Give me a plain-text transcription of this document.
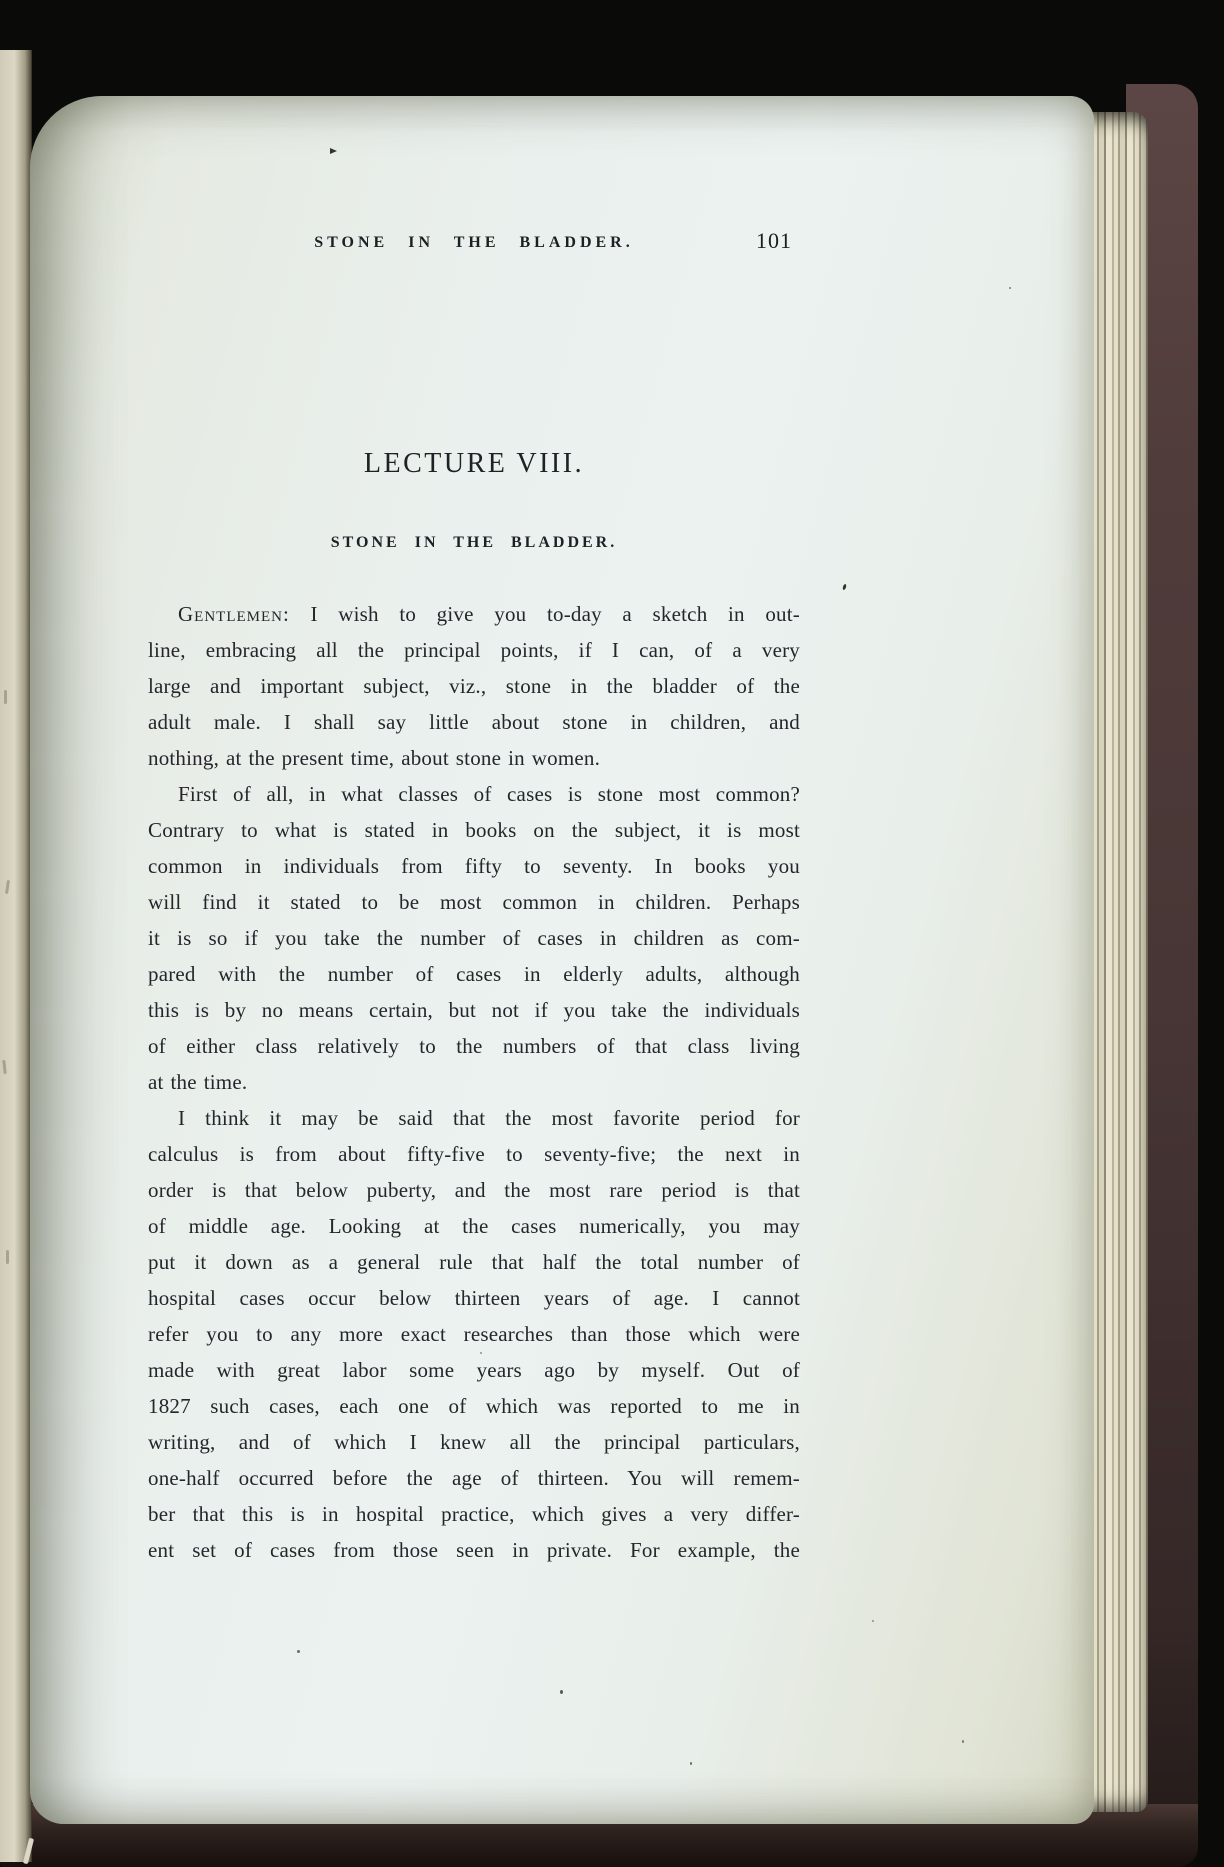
STONE IN THE BLADDER.	101
LECTURE VIII.
STONE IN THE BLADDER.
Gentlemen: I wish to give you to-day a sketch in out-
line, embracing all the principal points, if I can, of a very
large and important subject, viz., stone in the bladder of the
adult male. I shall say little about stone in children, and
nothing, at the present time, about stone in women.
First of all, in what classes of cases is stone most common?
Contrary to what is stated in books on the subject, it is most
common in individuals from fifty to seventy. In books you
will find it stated to be most common in children. Perhaps
it is so if you take the number of cases in children as com-
pared with the number of cases in elderly adults, although
this is by no means certain, but not if you take the individuals
of either class relatively to the numbers of that class living
at the time.
I think it may be said that the most favorite period for
calculus is from about fifty-five to seventy-five; the next in
order is that below puberty, and the most rare period is that
of middle age. Looking at the cases numerically, you may
put it down as a general rule that half the total number of
hospital cases occur below thirteen years of age. I cannot
refer you to any more exact researches than those which were
made with great labor some years ago by myself. Out of
1827 such cases, each one of which was reported to me in
writing, and of which I knew all the principal particulars,
one-half occurred before the age of thirteen. You will remem-
ber that this is in hospital practice, which gives a very differ-
ent set of cases from those seen in private. For example, the
